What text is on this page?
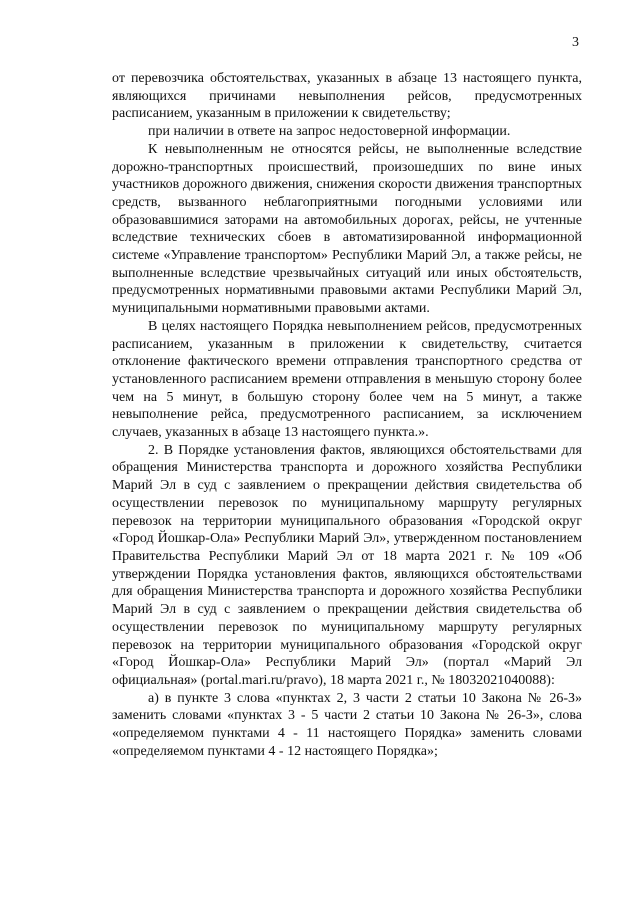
3

от перевозчика обстоятельствах, указанных в абзаце 13 настоящего пункта, являющихся причинами невыполнения рейсов, предусмотренных расписанием, указанным в приложении к свидетельству;

при наличии в ответе на запрос недостоверной информации.

К невыполненным не относятся рейсы, не выполненные вследствие дорожно-транспортных происшествий, произошедших по вине иных участников дорожного движения, снижения скорости движения транспортных средств, вызванного неблагоприятными погодными условиями или образовавшимися заторами на автомобильных дорогах, рейсы, не учтенные вследствие технических сбоев в автоматизированной информационной системе «Управление транспортом» Республики Марий Эл, а также рейсы, не выполненные вследствие чрезвычайных ситуаций или иных обстоятельств, предусмотренных нормативными правовыми актами Республики Марий Эл, муниципальными нормативными правовыми актами.

В целях настоящего Порядка невыполнением рейсов, предусмотренных расписанием, указанным в приложении к свидетельству, считается отклонение фактического времени отправления транспортного средства от установленного расписанием времени отправления в меньшую сторону более чем на 5 минут, в большую сторону более чем на 5 минут, а также невыполнение рейса, предусмотренного расписанием, за исключением случаев, указанных в абзаце 13 настоящего пункта.».

2. В Порядке установления фактов, являющихся обстоятельствами для обращения Министерства транспорта и дорожного хозяйства Республики Марий Эл в суд с заявлением о прекращении действия свидетельства об осуществлении перевозок по муниципальному маршруту регулярных перевозок на территории муниципального образования «Городской округ «Город Йошкар-Ола» Республики Марий Эл», утвержденном постановлением Правительства Республики Марий Эл от 18 марта 2021 г. № 109 «Об утверждении Порядка установления фактов, являющихся обстоятельствами для обращения Министерства транспорта и дорожного хозяйства Республики Марий Эл в суд с заявлением о прекращении действия свидетельства об осуществлении перевозок по муниципальному маршруту регулярных перевозок на территории муниципального образования «Городской округ «Город Йошкар-Ола» Республики Марий Эл» (портал «Марий Эл официальная» (portal.mari.ru/pravo), 18 марта 2021 г., № 18032021040088):

а) в пункте 3 слова «пунктах 2, 3 части 2 статьи 10 Закона № 26-З» заменить словами «пунктах 3 - 5 части 2 статьи 10 Закона № 26-З», слова «определяемом пунктами 4 - 11 настоящего Порядка» заменить словами «определяемом пунктами 4 - 12 настоящего Порядка»;
